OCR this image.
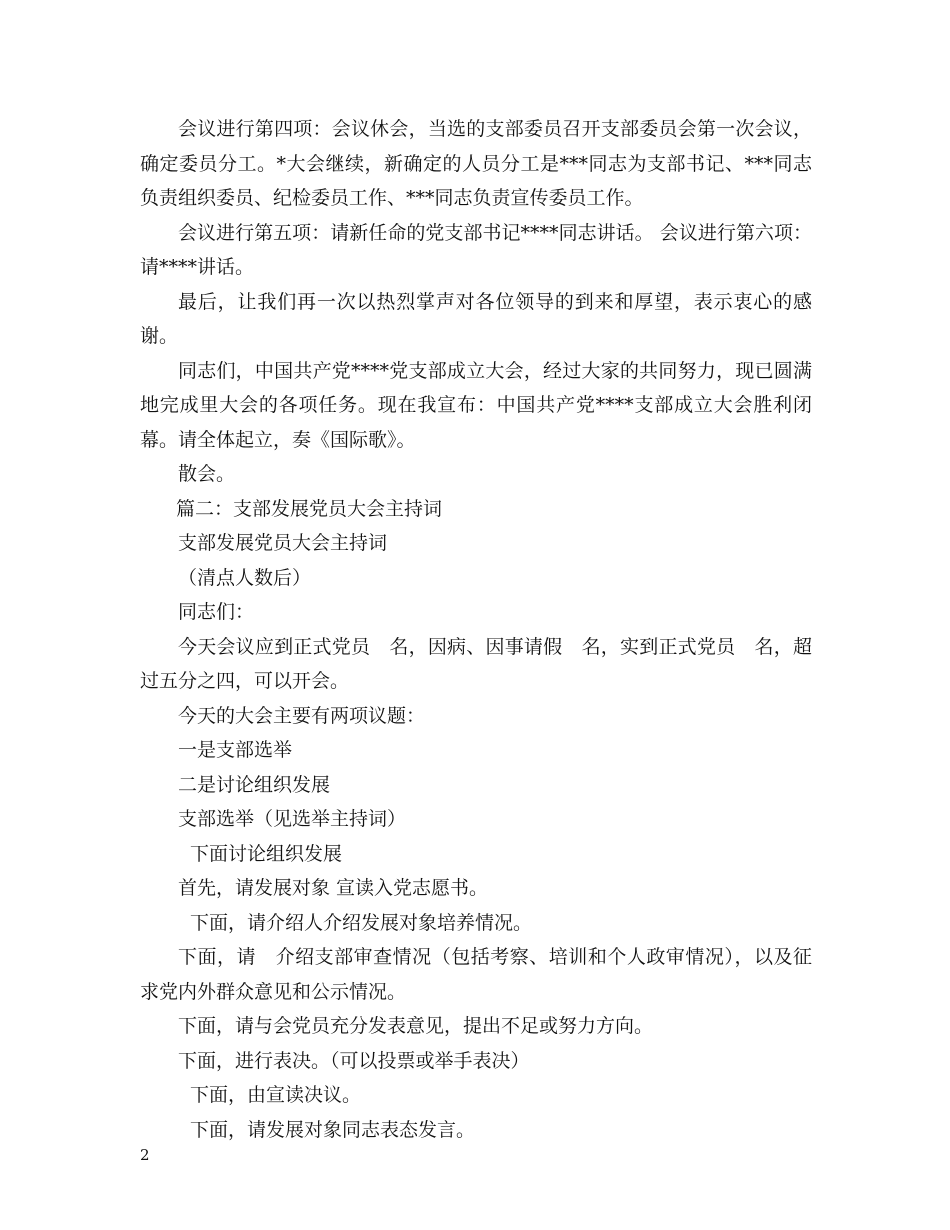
会议进行第四项：会议休会，当选的支部委员召开支部委员会第一次会议，确定委员分工。*大会继续，新确定的人员分工是***同志为支部书记、***同志负责组织委员、纪检委员工作、***同志负责宣传委员工作。

会议进行第五项：请新任命的党支部书记****同志讲话。 会议进行第六项：请****讲话。

最后，让我们再一次以热烈掌声对各位领导的到来和厚望，表示衷心的感谢。

同志们，中国共产党****党支部成立大会，经过大家的共同努力，现已圆满地完成里大会的各项任务。现在我宣布：中国共产党****支部成立大会胜利闭幕。请全体起立，奏《国际歌》。

散会。

篇二：支部发展党员大会主持词

支部发展党员大会主持词

（清点人数后）

同志们：

今天会议应到正式党员　名，因病、因事请假　名，实到正式党员　名，超过五分之四，可以开会。

今天的大会主要有两项议题：

一是支部选举

二是讨论组织发展

支部选举（见选举主持词）

下面讨论组织发展

首先，请发展对象 宣读入党志愿书。

下面，请介绍人介绍发展对象培养情况。

下面，请　介绍支部审查情况（包括考察、培训和个人政审情况），以及征求党内外群众意见和公示情况。

下面，请与会党员充分发表意见，提出不足或努力方向。

下面，进行表决。（可以投票或举手表决）

下面，由宣读决议。

下面，请发展对象同志表态发言。

2
